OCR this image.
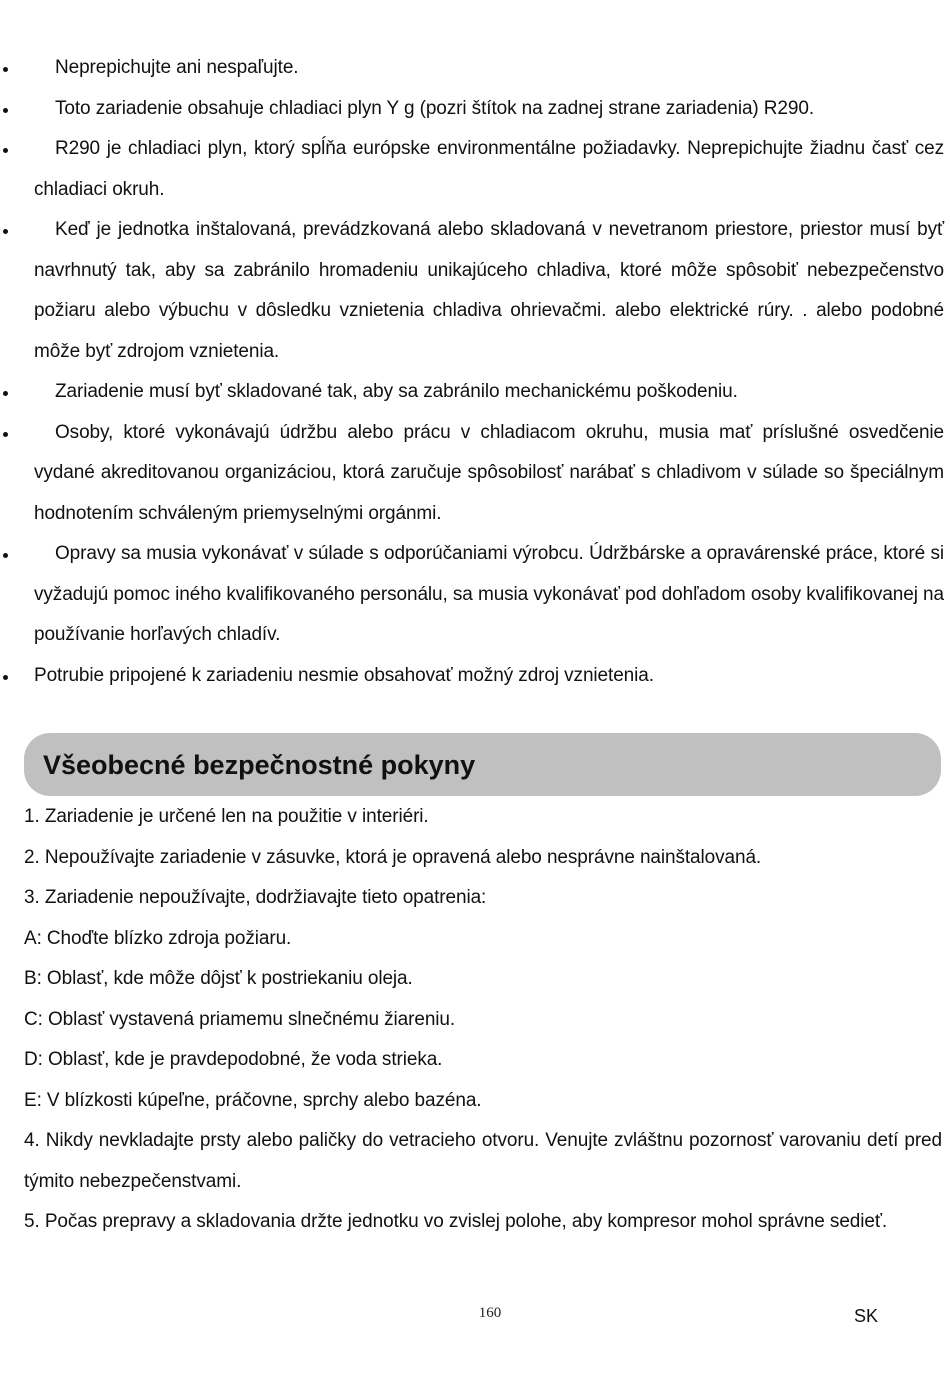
Neprepichujte ani nespaľujte.
Toto zariadenie obsahuje chladiaci plyn Y g (pozri štítok na zadnej strane zariadenia) R290.
R290 je chladiaci plyn, ktorý spĺňa európske environmentálne požiadavky. Neprepichujte žiadnu časť cez chladiaci okruh.
Keď je jednotka inštalovaná, prevádzkovaná alebo skladovaná v nevetranom priestore, priestor musí byť navrhnutý tak, aby sa zabránilo hromadeniu unikajúceho chladiva, ktoré môže spôsobiť nebezpečenstvo požiaru alebo výbuchu v dôsledku vznietenia chladiva ohrievačmi. alebo elektrické rúry. . alebo podobné môže byť zdrojom vznietenia.
Zariadenie musí byť skladované tak, aby sa zabránilo mechanickému poškodeniu.
Osoby, ktoré vykonávajú údržbu alebo prácu v chladiacom okruhu, musia mať príslušné osvedčenie vydané akreditovanou organizáciou, ktorá zaručuje spôsobilosť narábať s chladivom v súlade so špeciálnym hodnotením schváleným priemyselnými orgánmi.
Opravy sa musia vykonávať v súlade s odporúčaniami výrobcu. Údržbárske a opravárenské práce, ktoré si vyžadujú pomoc iného kvalifikovaného personálu, sa musia vykonávať pod dohľadom osoby kvalifikovanej na používanie horľavých chladív.
Potrubie pripojené k zariadeniu nesmie obsahovať možný zdroj vznietenia.
Všeobecné bezpečnostné pokyny
1. Zariadenie je určené len na použitie v interiéri.
2. Nepoužívajte zariadenie v zásuvke, ktorá je opravená alebo nesprávne nainštalovaná.
3. Zariadenie nepoužívajte, dodržiavajte tieto opatrenia:
A: Choďte blízko zdroja požiaru.
B: Oblasť, kde môže dôjsť k postriekaniu oleja.
C: Oblasť vystavená priamemu slnečnému žiareniu.
D: Oblasť, kde je pravdepodobné, že voda strieka.
E: V blízkosti kúpeľne, práčovne, sprchy alebo bazéna.
4. Nikdy nevkladajte prsty alebo paličky do vetracieho otvoru. Venujte zvláštnu pozornosť varovaniu detí pred týmito nebezpečenstvami.
5. Počas prepravy a skladovania držte jednotku vo zvislej polohe, aby kompresor mohol správne sedieť.
160	SK
